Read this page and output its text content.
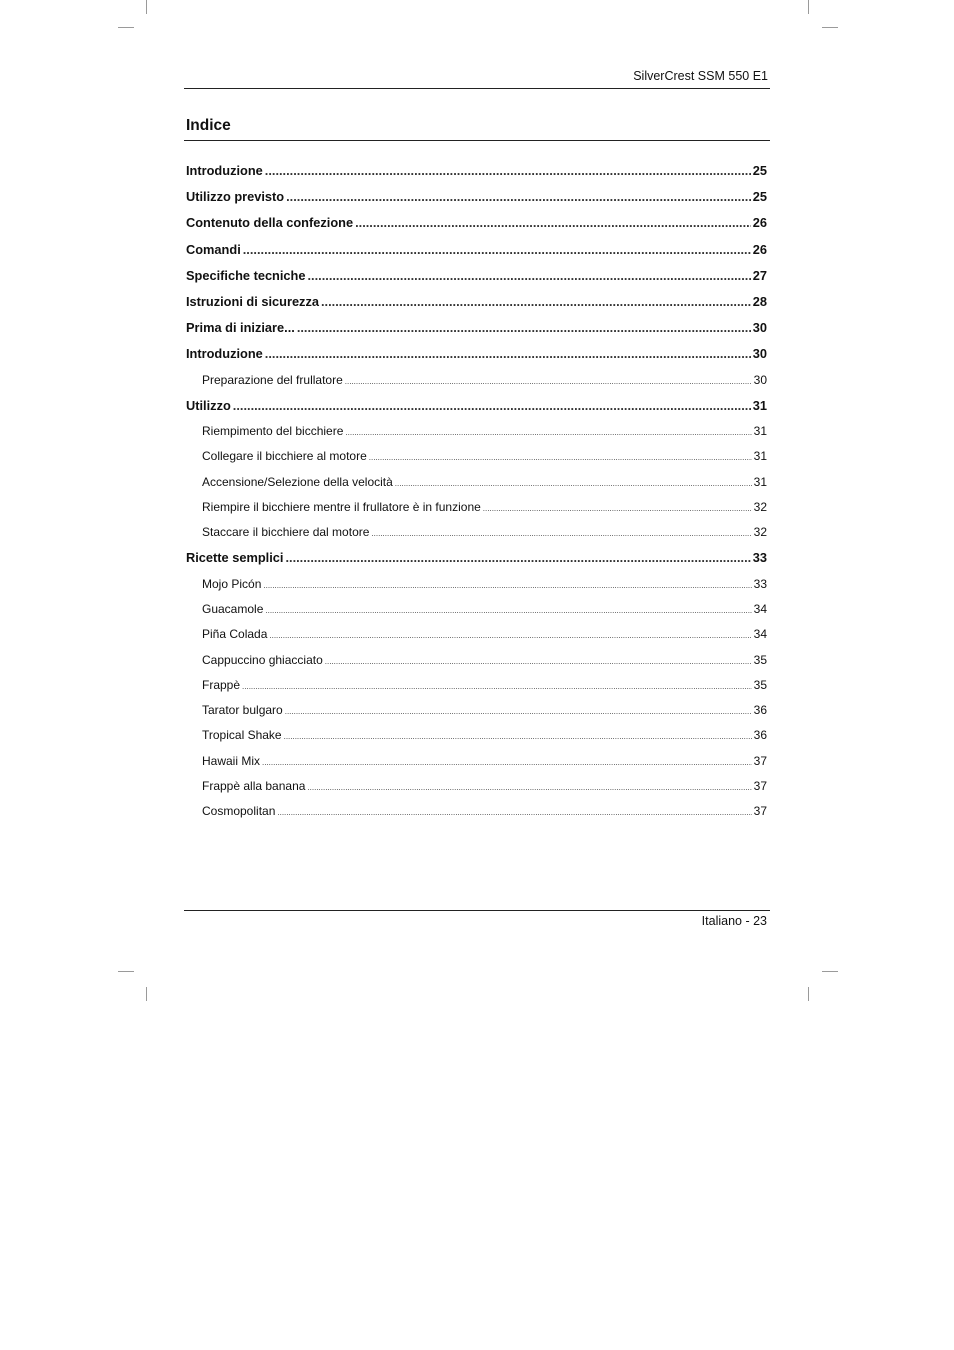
SilverCrest SSM 550 E1
Indice
Introduzione .....	25
Utilizzo previsto .....	25
Contenuto della confezione .....	26
Comandi .....	26
Specifiche tecniche .....	27
Istruzioni di sicurezza .....	28
Prima di iniziare... .....	30
Introduzione .....	30
Preparazione del frullatore .....	30
Utilizzo .....	31
Riempimento del bicchiere .....	31
Collegare il bicchiere al motore .....	31
Accensione/Selezione della velocità .....	31
Riempire il bicchiere mentre il frullatore è in funzione .....	32
Staccare il bicchiere dal motore .....	32
Ricette semplici .....	33
Mojo Picón .....	33
Guacamole .....	34
Piña Colada .....	34
Cappuccino ghiacciato .....	35
Frappè .....	35
Tarator bulgaro .....	36
Tropical Shake .....	36
Hawaii Mix .....	37
Frappè alla banana .....	37
Cosmopolitan .....	37
Italiano - 23
